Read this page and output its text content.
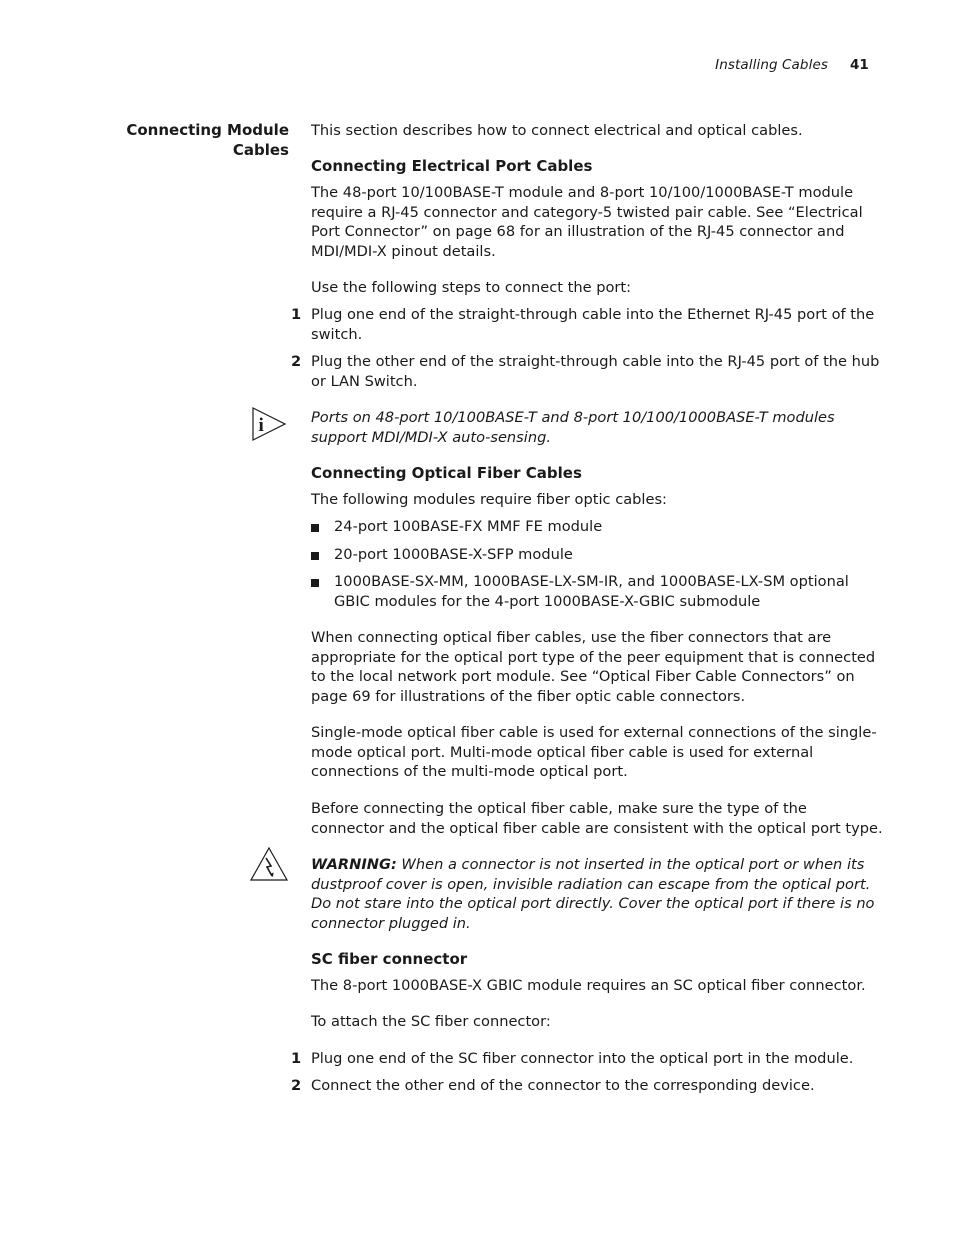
Installing Cables 41
Connecting Module
Cables
This section describes how to connect electrical and optical cables.
Connecting Electrical Port Cables
The 48-port 10/100BASE-T module and 8-port 10/100/1000BASE-T module require a RJ-45 connector and category-5 twisted pair cable. See “Electrical Port Connector” on page 68 for an illustration of the RJ-45 connector and MDI/MDI-X pinout details.
Use the following steps to connect the port:
1 Plug one end of the straight-through cable into the Ethernet RJ-45 port of the switch.
2 Plug the other end of the straight-through cable into the RJ-45 port of the hub or LAN Switch.
Ports on 48-port 10/100BASE-T and 8-port 10/100/1000BASE-T modules support MDI/MDI-X auto-sensing.
Connecting Optical Fiber Cables
The following modules require fiber optic cables:
24-port 100BASE-FX MMF FE module
20-port 1000BASE-X-SFP module
1000BASE-SX-MM, 1000BASE-LX-SM-IR, and 1000BASE-LX-SM optional GBIC modules for the 4-port 1000BASE-X-GBIC submodule
When connecting optical fiber cables, use the fiber connectors that are appropriate for the optical port type of the peer equipment that is connected to the local network port module. See “Optical Fiber Cable Connectors” on page 69 for illustrations of the fiber optic cable connectors.
Single-mode optical fiber cable is used for external connections of the single-mode optical port. Multi-mode optical fiber cable is used for external connections of the multi-mode optical port.
Before connecting the optical fiber cable, make sure the type of the connector and the optical fiber cable are consistent with the optical port type.
WARNING: When a connector is not inserted in the optical port or when its dustproof cover is open, invisible radiation can escape from the optical port. Do not stare into the optical port directly. Cover the optical port if there is no connector plugged in.
SC fiber connector
The 8-port 1000BASE-X GBIC module requires an SC optical fiber connector.
To attach the SC fiber connector:
1 Plug one end of the SC fiber connector into the optical port in the module.
2 Connect the other end of the connector to the corresponding device.
i
